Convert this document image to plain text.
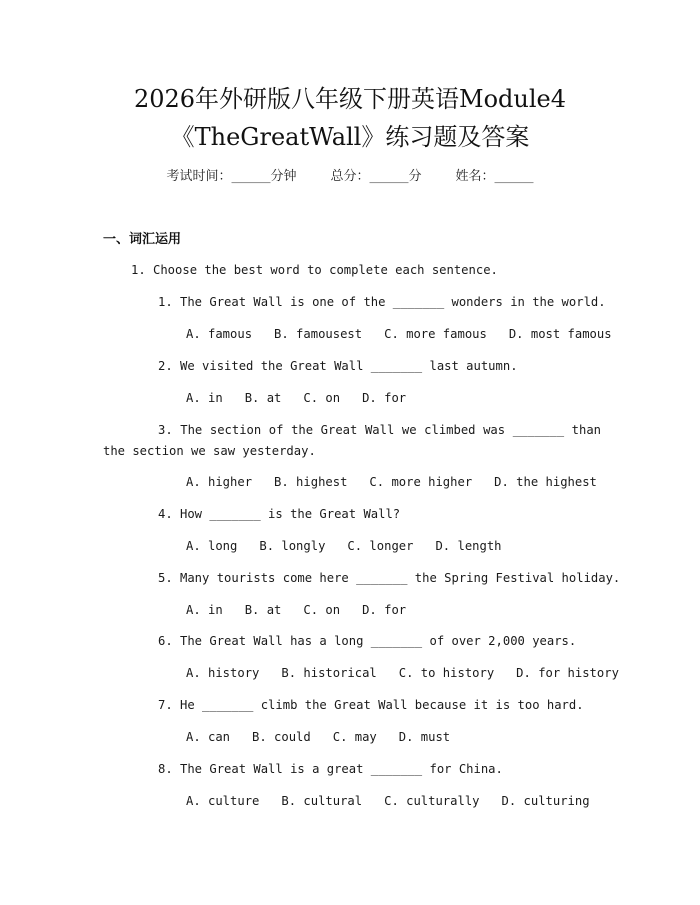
2026年外研版八年级下册英语Module4
《TheGreatWall》练习题及答案
考试时间：______分钟	总分：______分	姓名：______
一、词汇运用
1. Choose the best word to complete each sentence.
1. The Great Wall is one of the _______ wonders in the world.
A. famous   B. famousest   C. more famous   D. most famous
2. We visited the Great Wall _______ last autumn.
A. in   B. at   C. on   D. for
3. The section of the Great Wall we climbed was _______ than the section we saw yesterday.
A. higher   B. highest   C. more higher   D. the highest
4. How _______ is the Great Wall?
A. long   B. longly   C. longer   D. length
5. Many tourists come here _______ the Spring Festival holiday.
A. in   B. at   C. on   D. for
6. The Great Wall has a long _______ of over 2,000 years.
A. history   B. historical   C. to history   D. for history
7. He _______ climb the Great Wall because it is too hard.
A. can   B. could   C. may   D. must
8. The Great Wall is a great _______ for China.
A. culture   B. cultural   C. culturally   D. culturing
